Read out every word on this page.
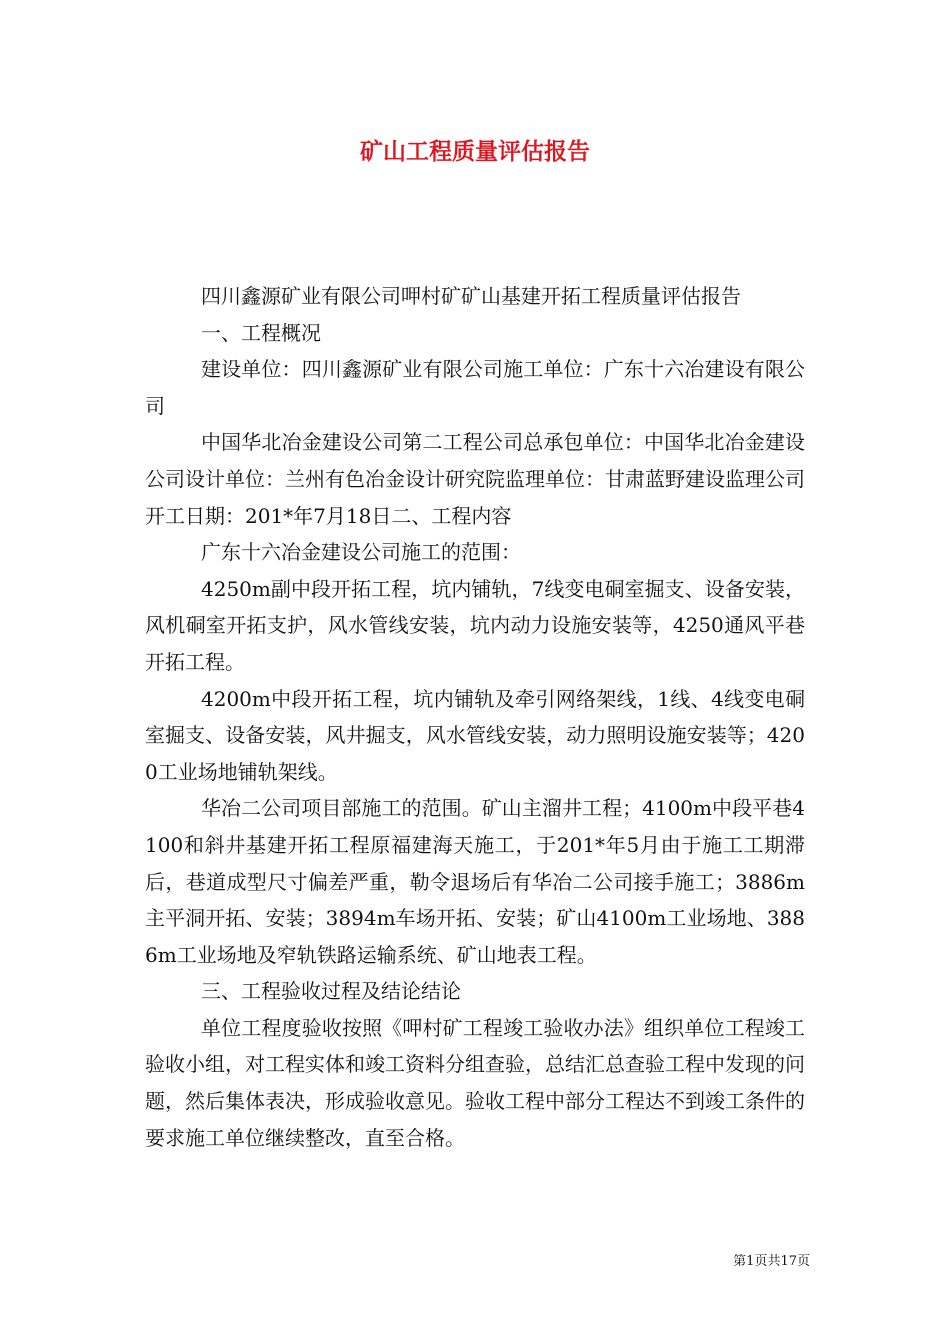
矿山工程质量评估报告

四川鑫源矿业有限公司呷村矿矿山基建开拓工程质量评估报告

一、工程概况

建设单位：四川鑫源矿业有限公司施工单位：广东十六冶建设有限公司

中国华北冶金建设公司第二工程公司总承包单位：中国华北冶金建设公司设计单位：兰州有色冶金设计研究院监理单位：甘肃蓝野建设监理公司开工日期：201*年7月18日二、工程内容

广东十六冶金建设公司施工的范围：

4250m副中段开拓工程，坑内铺轨，7线变电硐室掘支、设备安装，风机硐室开拓支护，风水管线安装，坑内动力设施安装等，4250通风平巷开拓工程。

4200m中段开拓工程，坑内铺轨及牵引网络架线，1线、4线变电硐室掘支、设备安装，风井掘支，风水管线安装，动力照明设施安装等；4200工业场地铺轨架线。

华冶二公司项目部施工的范围。矿山主溜井工程；4100m中段平巷4100和斜井基建开拓工程原福建海天施工，于201*年5月由于施工工期滞后，巷道成型尺寸偏差严重，勒令退场后有华冶二公司接手施工；3886m主平洞开拓、安装；3894m车场开拓、安装；矿山4100m工业场地、3886m工业场地及窄轨铁路运输系统、矿山地表工程。

三、工程验收过程及结论结论

单位工程度验收按照《呷村矿工程竣工验收办法》组织单位工程竣工验收小组，对工程实体和竣工资料分组查验，总结汇总查验工程中发现的问题，然后集体表决，形成验收意见。验收工程中部分工程达不到竣工条件的要求施工单位继续整改，直至合格。

第1页共17页
